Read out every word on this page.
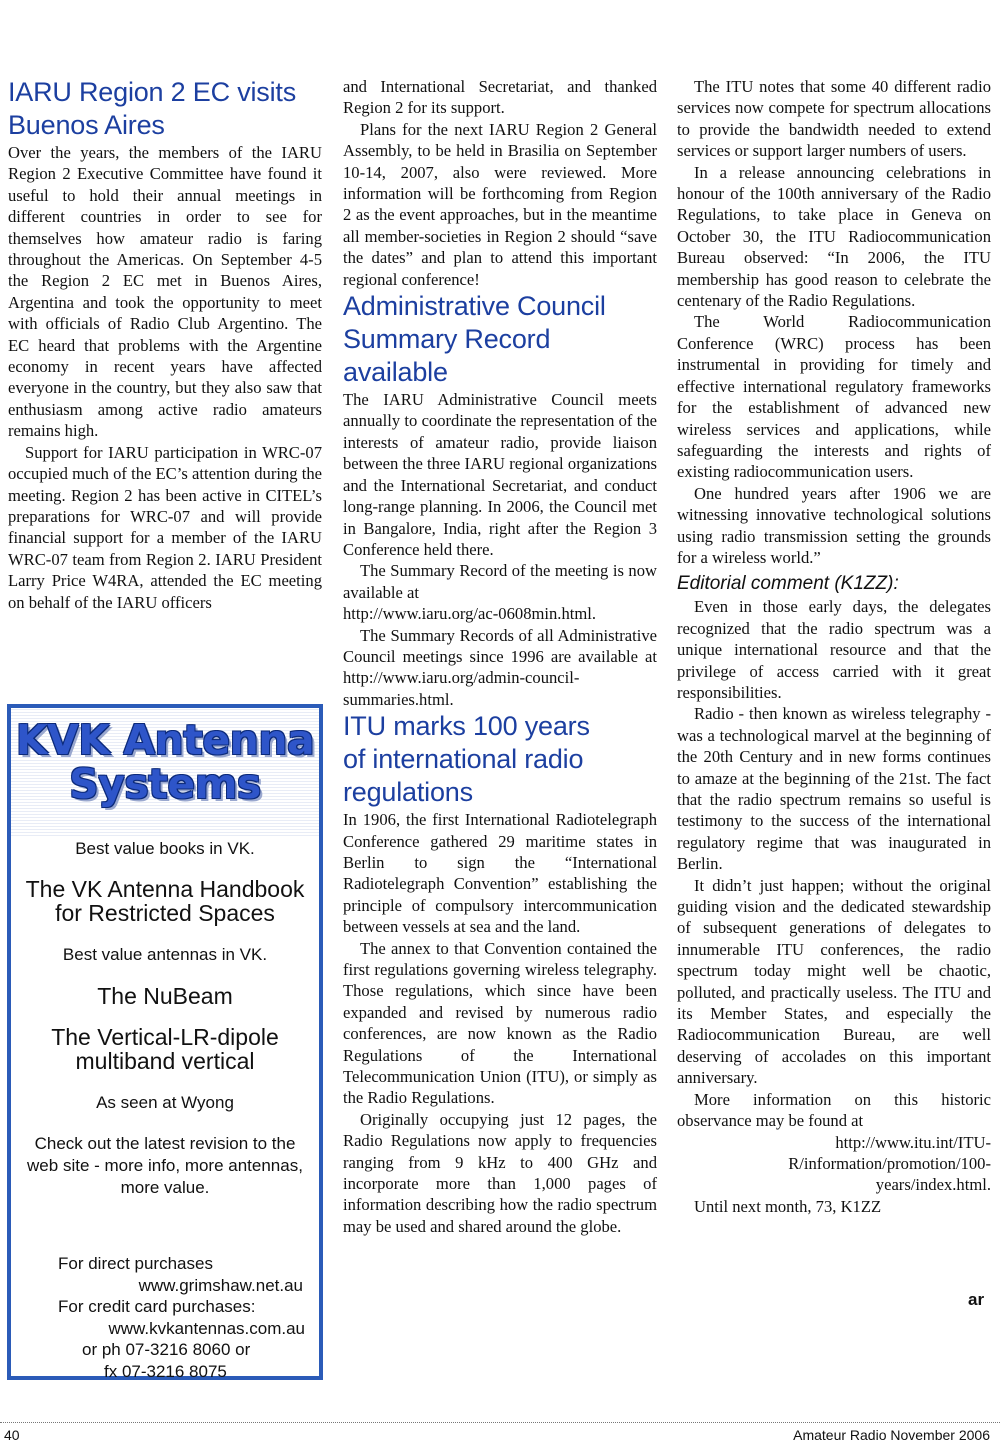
IARU Region 2 EC visits
Buenos Aires

Over the years, the members of the IARU Region 2 Executive Committee have found it useful to hold their annual meetings in different countries in order to see for themselves how amateur radio is faring throughout the Americas. On September 4-5 the Region 2 EC met in Buenos Aires, Argentina and took the opportunity to meet with officials of Radio Club Argentino. The EC heard that problems with the Argentine economy in recent years have affected everyone in the country, but they also saw that enthusiasm among active radio amateurs remains high.

Support for IARU participation in WRC-07 occupied much of the EC’s attention during the meeting. Region 2 has been active in CITEL’s preparations for WRC-07 and will provide financial support for a member of the IARU WRC-07 team from Region 2. IARU President Larry Price W4RA, attended the EC meeting on behalf of the IARU officers

KVK Antenna
Systems
Best value books in VK.
The VK Antenna Handbook
for Restricted Spaces
Best value antennas in VK.
The NuBeam
The Vertical-LR-dipole
multiband vertical
As seen at Wyong
Check out the latest revision to the web site - more info, more antennas, more value.
For direct purchases
www.grimshaw.net.au
For credit card purchases:
www.kvkantennas.com.au
or ph 07-3216 8060 or
fx 07-3216 8075

and International Secretariat, and thanked Region 2 for its support.

Plans for the next IARU Region 2 General Assembly, to be held in Brasilia on September 10-14, 2007, also were reviewed. More information will be forthcoming from Region 2 as the event approaches, but in the meantime all member-societies in Region 2 should “save the dates” and plan to attend this important regional conference!

Administrative Council
Summary Record
available

The IARU Administrative Council meets annually to coordinate the representation of the interests of amateur radio, provide liaison between the three IARU regional organizations and the International Secretariat, and conduct long-range planning. In 2006, the Council met in Bangalore, India, right after the Region 3 Conference held there.

The Summary Record of the meeting is now available at

http://www.iaru.org/ac-0608min.html.

The Summary Records of all Administrative Council meetings since 1996 are available at http://www.iaru.org/admin-council-summaries.html.

ITU marks 100 years
of international radio
regulations

In 1906, the first International Radiotelegraph Conference gathered 29 maritime states in Berlin to sign the “International Radiotelegraph Convention” establishing the principle of compulsory intercommunication between vessels at sea and the land.

The annex to that Convention contained the first regulations governing wireless telegraphy. Those regulations, which since have been expanded and revised by numerous radio conferences, are now known as the Radio Regulations of the International Telecommunication Union (ITU), or simply as the Radio Regulations.

Originally occupying just 12 pages, the Radio Regulations now apply to frequencies ranging from 9 kHz to 400 GHz and incorporate more than 1,000 pages of information describing how the radio spectrum may be used and shared around the globe.

The ITU notes that some 40 different radio services now compete for spectrum allocations to provide the bandwidth needed to extend services or support larger numbers of users.

In a release announcing celebrations in honour of the 100th anniversary of the Radio Regulations, to take place in Geneva on October 30, the ITU Radiocommunication Bureau observed: “In 2006, the ITU membership has good reason to celebrate the centenary of the Radio Regulations.

The World Radiocommunication Conference (WRC) process has been instrumental in providing for timely and effective international regulatory frameworks for the establishment of advanced new wireless services and applications, while safeguarding the interests and rights of existing radiocommunication users.

One hundred years after 1906 we are witnessing innovative technological solutions using radio transmission setting the grounds for a wireless world.”

Editorial comment (K1ZZ):

Even in those early days, the delegates recognized that the radio spectrum was a unique international resource and that the privilege of access carried with it great responsibilities.

Radio - then known as wireless telegraphy - was a technological marvel at the beginning of the 20th Century and in new forms continues to amaze at the beginning of the 21st. The fact that the radio spectrum remains so useful is testimony to the success of the international regulatory regime that was inaugurated in Berlin.

It didn’t just happen; without the original guiding vision and the dedicated stewardship of subsequent generations of delegates to innumerable ITU conferences, the radio spectrum today might well be chaotic, polluted, and practically useless. The ITU and its Member States, and especially the Radiocommunication Bureau, are well deserving of accolades on this important anniversary.

More information on this historic observance may be found at

http://www.itu.int/ITU-R/information/promotion/100-years/index.html.

Until next month, 73, K1ZZ

ar
40	Amateur Radio November 2006
